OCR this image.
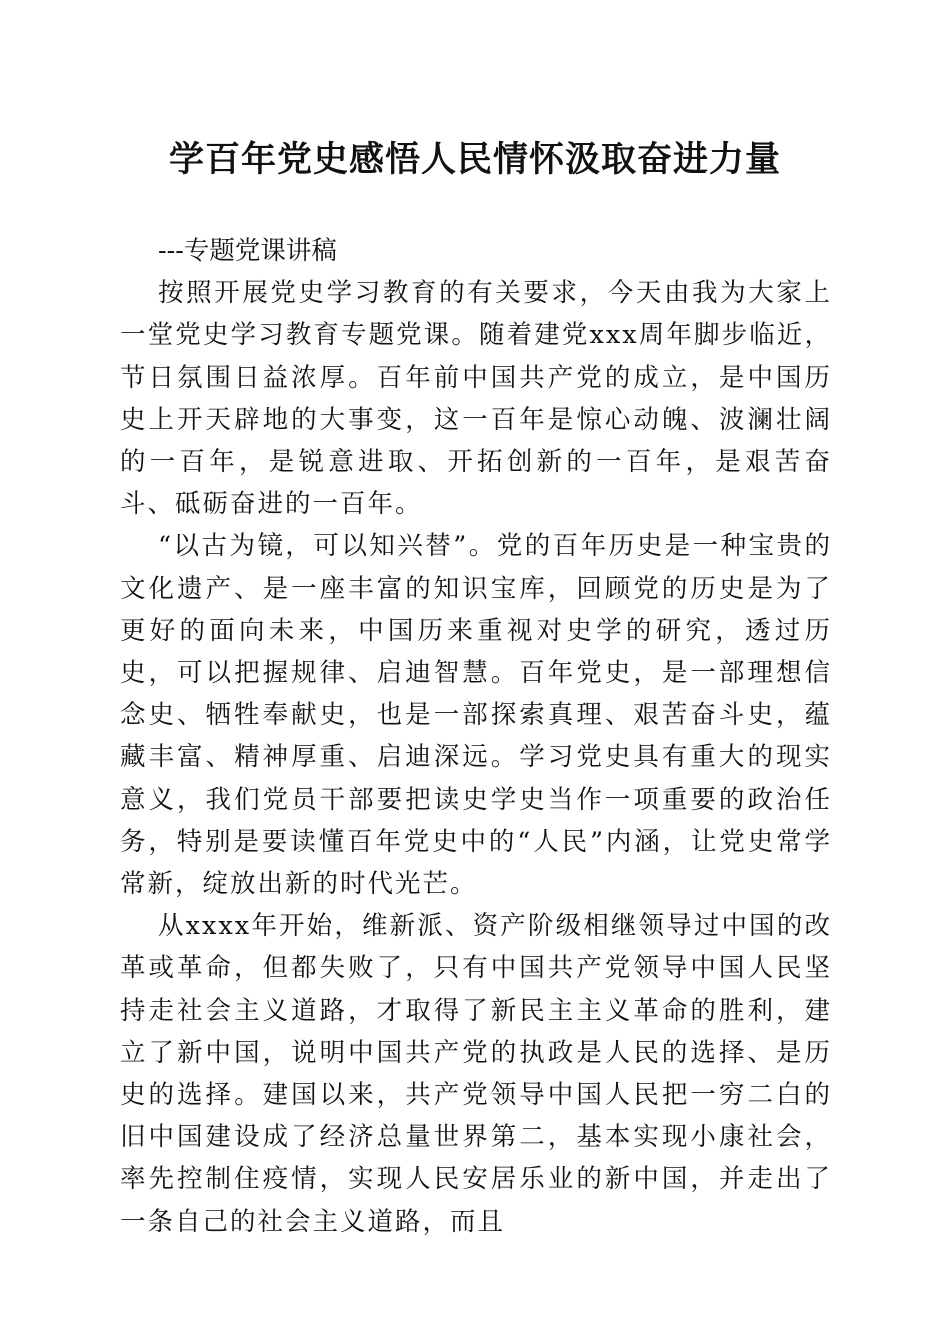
学百年党史感悟人民情怀汲取奋进力量

---专题党课讲稿

按照开展党史学习教育的有关要求，今天由我为大家上一堂党史学习教育专题党课。随着建党xxx周年脚步临近，节日氛围日益浓厚。百年前中国共产党的成立，是中国历史上开天辟地的大事变，这一百年是惊心动魄、波澜壮阔的一百年，是锐意进取、开拓创新的一百年，是艰苦奋斗、砥砺奋进的一百年。

“以古为镜，可以知兴替”。党的百年历史是一种宝贵的文化遗产、是一座丰富的知识宝库，回顾党的历史是为了更好的面向未来，中国历来重视对史学的研究，透过历史，可以把握规律、启迪智慧。百年党史，是一部理想信念史、牺牲奉献史，也是一部探索真理、艰苦奋斗史，蕴藏丰富、精神厚重、启迪深远。学习党史具有重大的现实意义，我们党员干部要把读史学史当作一项重要的政治任务，特别是要读懂百年党史中的“人民”内涵，让党史常学常新，绽放出新的时代光芒。

从xxxx年开始，维新派、资产阶级相继领导过中国的改革或革命，但都失败了，只有中国共产党领导中国人民坚持走社会主义道路，才取得了新民主主义革命的胜利，建立了新中国，说明中国共产党的执政是人民的选择、是历史的选择。建国以来，共产党领导中国人民把一穷二白的旧中国建设成了经济总量世界第二，基本实现小康社会，率先控制住疫情，实现人民安居乐业的新中国，并走出了一条自己的社会主义道路，而且
